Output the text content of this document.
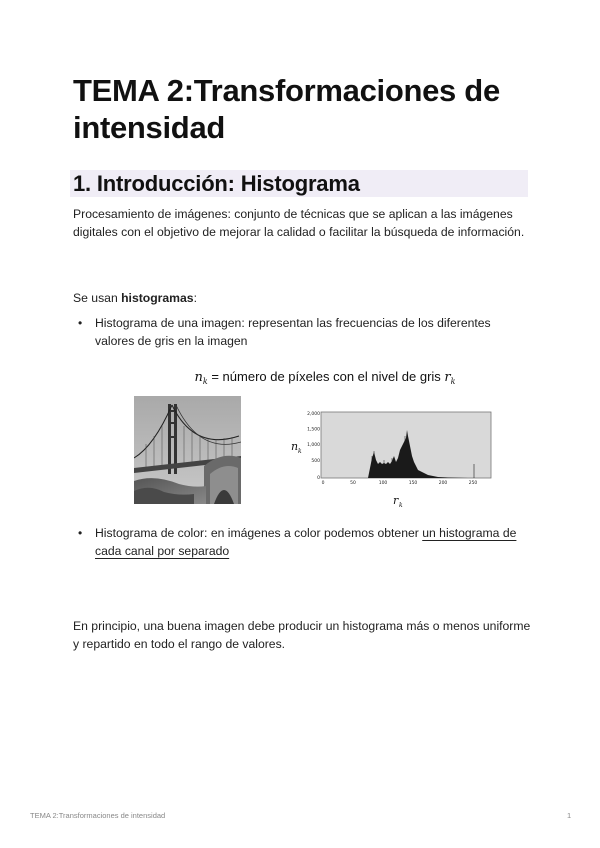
TEMA 2:Transformaciones de intensidad
1. Introducción: Histograma
Procesamiento de imágenes: conjunto de técnicas que se aplican a las imágenes digitales con el objetivo de mejorar la calidad o facilitar la búsqueda de información.
Se usan histogramas:
• Histograma de una imagen: representan las frecuencias de los diferentes valores de gris en la imagen
$n_k$ = número de píxeles con el nivel de gris $r_k$
n k
2,000
1,500
1,000
500
0
0	50	100	150	200	250
r k
• Histograma de color: en imágenes a color podemos obtener un histograma de cada canal por separado
En principio, una buena imagen debe producir un histograma más o menos uniforme y repartido en todo el rango de valores.
TEMA 2:Transformaciones de intensidad	1
